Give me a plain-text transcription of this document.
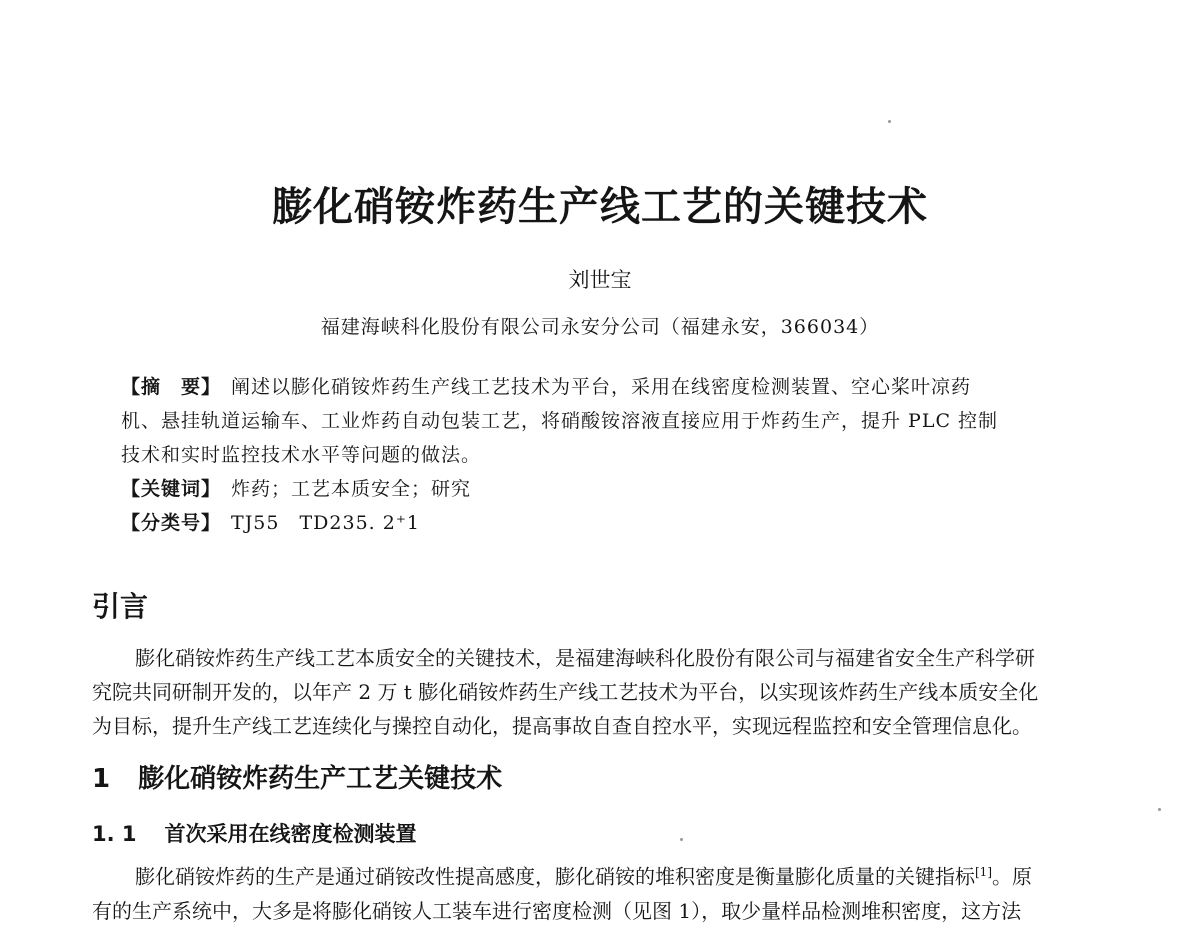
膨化硝铵炸药生产线工艺的关键技术
刘世宝
福建海峡科化股份有限公司永安分公司（福建永安，366034）
【摘　要】 阐述以膨化硝铵炸药生产线工艺技术为平台，采用在线密度检测装置、空心桨叶凉药
机、悬挂轨道运输车、工业炸药自动包装工艺，将硝酸铵溶液直接应用于炸药生产，提升 PLC 控制
技术和实时监控技术水平等问题的做法。
【关键词】 炸药；工艺本质安全；研究
【分类号】 TJ55　TD235. 2⁺1
引言
膨化硝铵炸药生产线工艺本质安全的关键技术，是福建海峡科化股份有限公司与福建省安全生产科学研
究院共同研制开发的，以年产 2 万 t 膨化硝铵炸药生产线工艺技术为平台，以实现该炸药生产线本质安全化
为目标，提升生产线工艺连续化与操控自动化，提高事故自查自控水平，实现远程监控和安全管理信息化。
1 膨化硝铵炸药生产工艺关键技术
1. 1 首次采用在线密度检测装置
膨化硝铵炸药的生产是通过硝铵改性提高感度，膨化硝铵的堆积密度是衡量膨化质量的关键指标[1]。原
有的生产系统中，大多是将膨化硝铵人工装车进行密度检测（见图 1），取少量样品检测堆积密度，这方法
